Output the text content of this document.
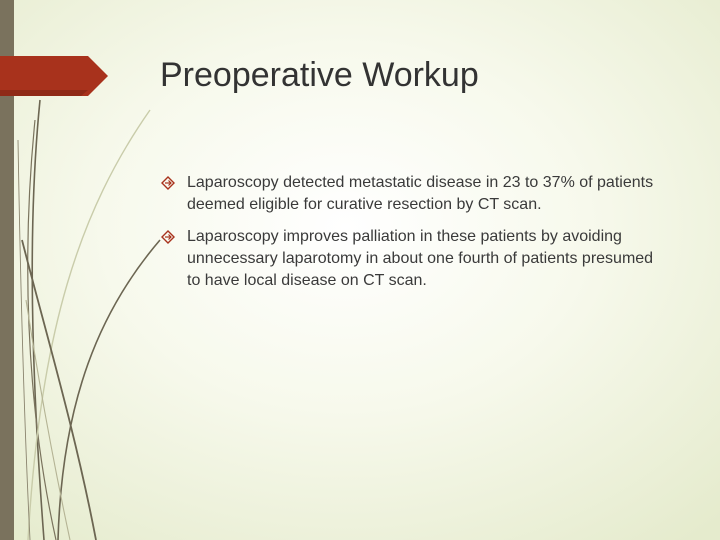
Preoperative Workup
Laparoscopy detected metastatic disease in 23 to 37% of patients deemed eligible for curative resection by CT scan.
Laparoscopy improves palliation in these patients by avoiding unnecessary laparotomy in about one fourth of patients presumed to have local disease on CT scan.
